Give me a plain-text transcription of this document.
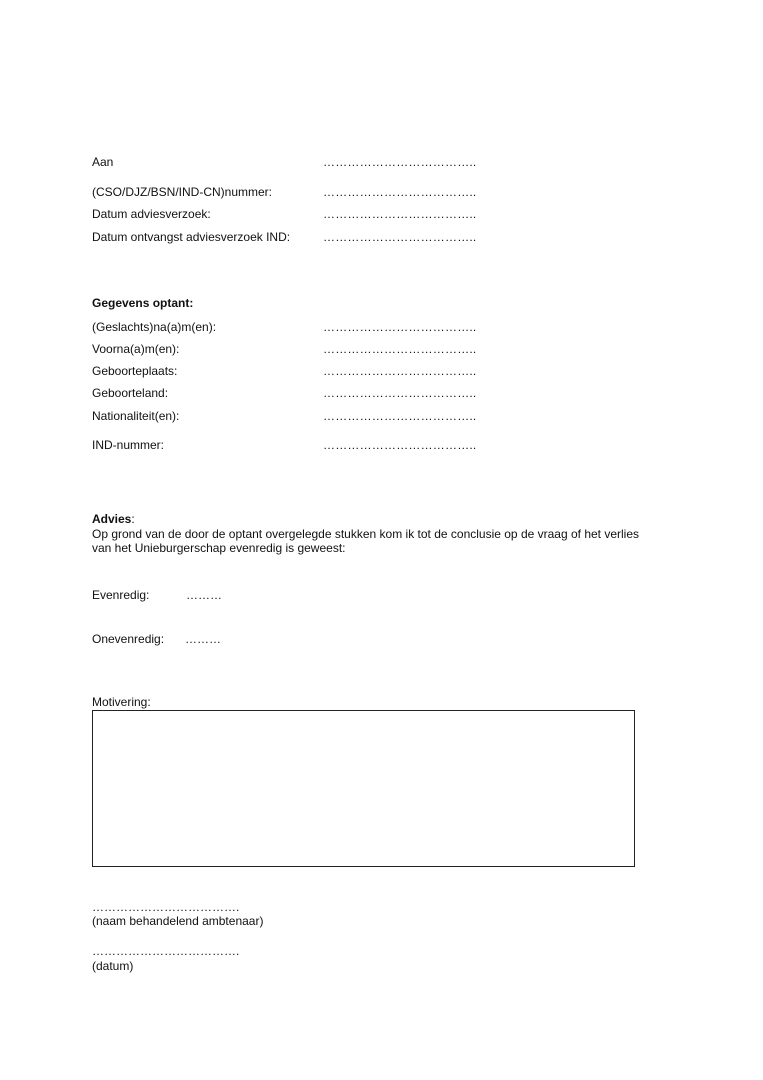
Aan	………………………………..
(CSO/DJZ/BSN/IND-CN)nummer:	………………………………..
Datum adviesverzoek:	………………………………..
Datum ontvangst adviesverzoek IND:	………………………………..
Gegevens optant:
(Geslachts)na(a)m(en):	………………………………..
Voorna(a)m(en):	………………………………..
Geboorteplaats:	………………………………..
Geboorteland:	………………………………..
Nationaliteit(en):	………………………………..
IND-nummer:	………………………………..
Advies:
Op grond van de door de optant overgelegde stukken kom ik tot de conclusie op de vraag of het verlies van het Unieburgerschap evenredig is geweest:
Evenredig:	………
Onevenredig: ………
Motivering:
……………………………….
(naam behandelend ambtenaar)
……………………………….
(datum)
